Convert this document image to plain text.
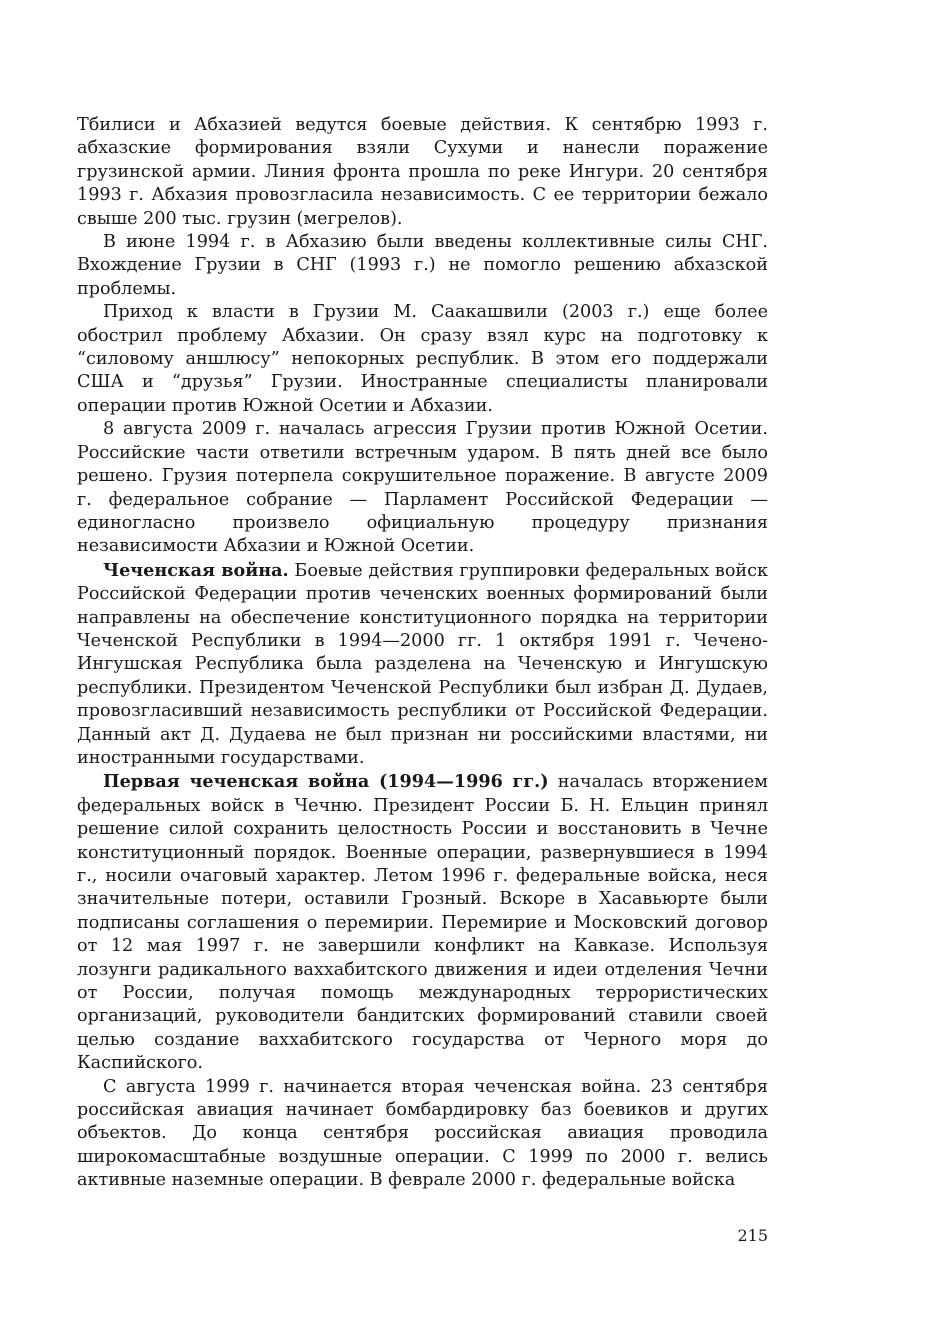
Тбилиси и Абхазией ведутся боевые действия. К сентябрю 1993 г. абхазские формирования взяли Сухуми и нанесли поражение грузинской армии. Линия фронта прошла по реке Ингури. 20 сентября 1993 г. Абхазия провозгласила независимость. С ее территории бежало свыше 200 тыс. грузин (мегрелов).

В июне 1994 г. в Абхазию были введены коллективные силы СНГ. Вхождение Грузии в СНГ (1993 г.) не помогло решению абхазской проблемы.

Приход к власти в Грузии М. Саакашвили (2003 г.) еще более обострил проблему Абхазии. Он сразу взял курс на подготовку к “силовому аншлюсу” непокорных республик. В этом его поддержали США и “друзья” Грузии. Иностранные специалисты планировали операции против Южной Осетии и Абхазии.

8 августа 2009 г. началась агрессия Грузии против Южной Осетии. Российские части ответили встречным ударом. В пять дней все было решено. Грузия потерпела сокрушительное поражение. В августе 2009 г. федеральное собрание — Парламент Российской Федерации — единогласно произвело официальную процедуру признания независимости Абхазии и Южной Осетии.

Чеченская война. Боевые действия группировки федеральных войск Российской Федерации против чеченских военных формирований были направлены на обеспечение конституционного порядка на территории Чеченской Республики в 1994—2000 гг. 1 октября 1991 г. Чечено-Ингушская Республика была разделена на Чеченскую и Ингушскую республики. Президентом Чеченской Республики был избран Д. Дудаев, провозгласивший независимость республики от Российской Федерации. Данный акт Д. Дудаева не был признан ни российскими властями, ни иностранными государствами.

Первая чеченская война (1994—1996 гг.) началась вторжением федеральных войск в Чечню. Президент России Б. Н. Ельцин принял решение силой сохранить целостность России и восстановить в Чечне конституционный порядок. Военные операции, развернувшиеся в 1994 г., носили очаговый характер. Летом 1996 г. федеральные войска, неся значительные потери, оставили Грозный. Вскоре в Хасавьюрте были подписаны соглашения о перемирии. Перемирие и Московский договор от 12 мая 1997 г. не завершили конфликт на Кавказе. Используя лозунги радикального ваххабитского движения и идеи отделения Чечни от России, получая помощь международных террористических организаций, руководители бандитских формирований ставили своей целью создание ваххабитского государства от Черного моря до Каспийского.

С августа 1999 г. начинается вторая чеченская война. 23 сентября российская авиация начинает бомбардировку баз боевиков и других объектов. До конца сентября российская авиация проводила широкомасштабные воздушные операции. С 1999 по 2000 г. велись активные наземные операции. В феврале 2000 г. федеральные войска

215
